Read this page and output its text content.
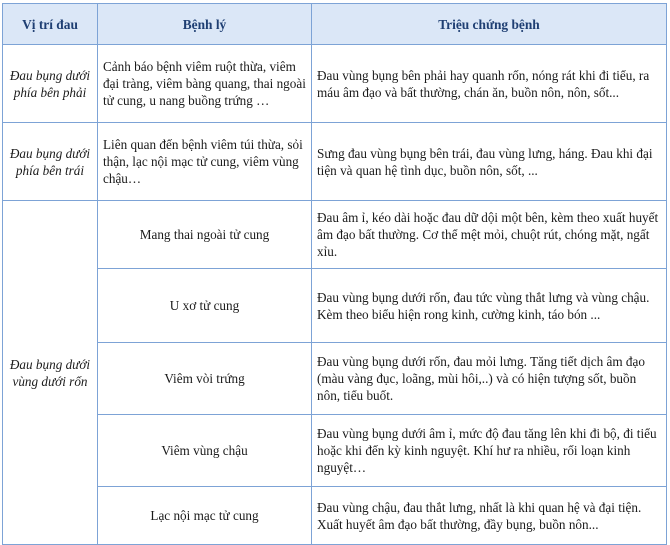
Vị trí đau	Bệnh lý	Triệu chứng bệnh
Đau bụng dưới phía bên phải	Cảnh báo bệnh viêm ruột thừa, viêm đại tràng, viêm bàng quang, thai ngoài tử cung, u nang buồng trứng …	Đau vùng bụng bên phải hay quanh rốn, nóng rát khi đi tiểu, ra máu âm đạo và bất thường, chán ăn, buồn nôn, nôn, sốt...
Đau bụng dưới phía bên trái	Liên quan đến bệnh viêm túi thừa, sỏi thận, lạc nội mạc tử cung, viêm vùng chậu…	Sưng đau vùng bụng bên trái, đau vùng lưng, háng. Đau khi đại tiện và quan hệ tình dục, buồn nôn, sốt, ...
Đau bụng dưới vùng dưới rốn	Mang thai ngoài tử cung	Đau âm ỉ, kéo dài hoặc đau dữ dội một bên, kèm theo xuất huyết âm đạo bất thường. Cơ thể mệt mỏi, chuột rút, chóng mặt, ngất xỉu.
	U xơ tử cung	Đau vùng bụng dưới rốn, đau tức vùng thắt lưng và vùng chậu. Kèm theo biểu hiện rong kinh, cường kinh, táo bón ...
	Viêm vòi trứng	Đau vùng bụng dưới rốn, đau mỏi lưng. Tăng tiết dịch âm đạo (màu vàng đục, loãng, mùi hôi,..) và có hiện tượng sốt, buồn nôn, tiểu buốt.
	Viêm vùng chậu	Đau vùng bụng dưới âm ỉ, mức độ đau tăng lên khi đi bộ, đi tiểu hoặc khi đến kỳ kinh nguyệt. Khí hư ra nhiều, rối loạn kinh nguyệt…
	Lạc nội mạc tử cung	Đau vùng chậu, đau thắt lưng, nhất là khi quan hệ và đại tiện. Xuất huyết âm đạo bất thường, đầy bụng, buồn nôn...
